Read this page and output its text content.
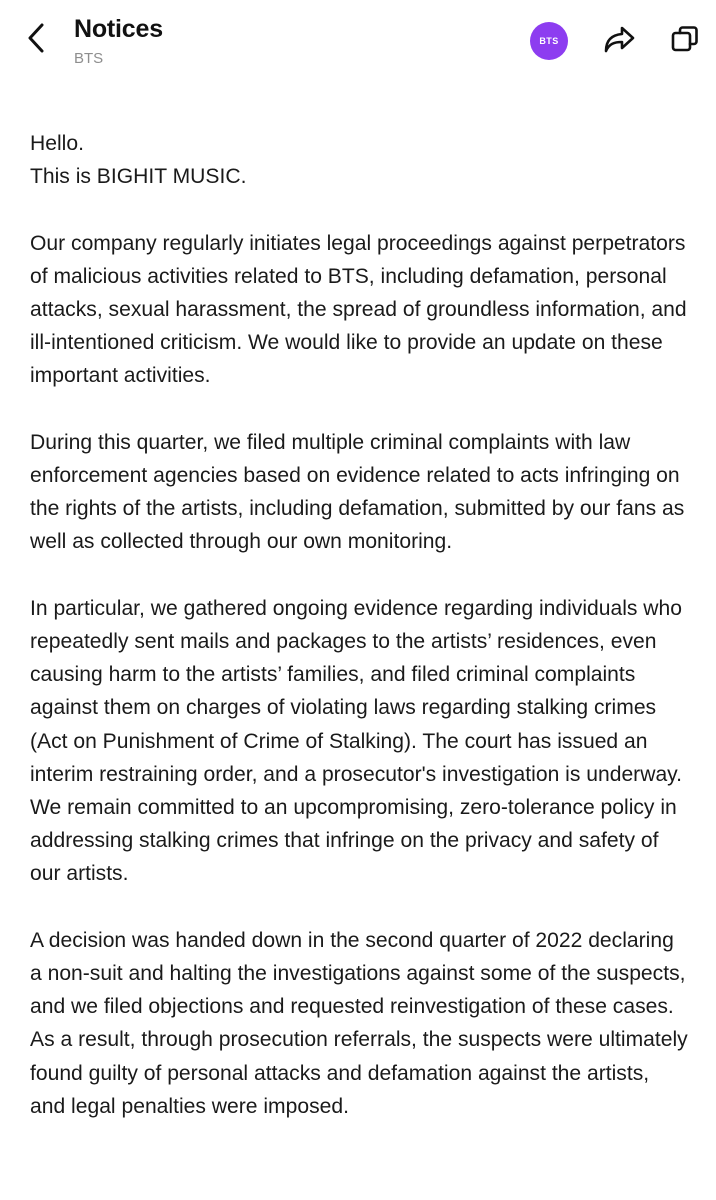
Notices
BTS
BTS
Hello.
This is BIGHIT MUSIC.
Our company regularly initiates legal proceedings against perpetrators of malicious activities related to BTS, including defamation, personal attacks, sexual harassment, the spread of groundless information, and ill-intentioned criticism. We would like to provide an update on these important activities.
During this quarter, we filed multiple criminal complaints with law enforcement agencies based on evidence related to acts infringing on the rights of the artists, including defamation, submitted by our fans as well as collected through our own monitoring.
In particular, we gathered ongoing evidence regarding individuals who repeatedly sent mails and packages to the artists’ residences, even causing harm to the artists’ families, and filed criminal complaints against them on charges of violating laws regarding stalking crimes (Act on Punishment of Crime of Stalking). The court has issued an interim restraining order, and a prosecutor's investigation is underway. We remain committed to an upcompromising, zero-tolerance policy in addressing stalking crimes that infringe on the privacy and safety of our artists.
A decision was handed down in the second quarter of 2022 declaring a non-suit and halting the investigations against some of the suspects, and we filed objections and requested reinvestigation of these cases. As a result, through prosecution referrals, the suspects were ultimately found guilty of personal attacks and defamation against the artists, and legal penalties were imposed.
